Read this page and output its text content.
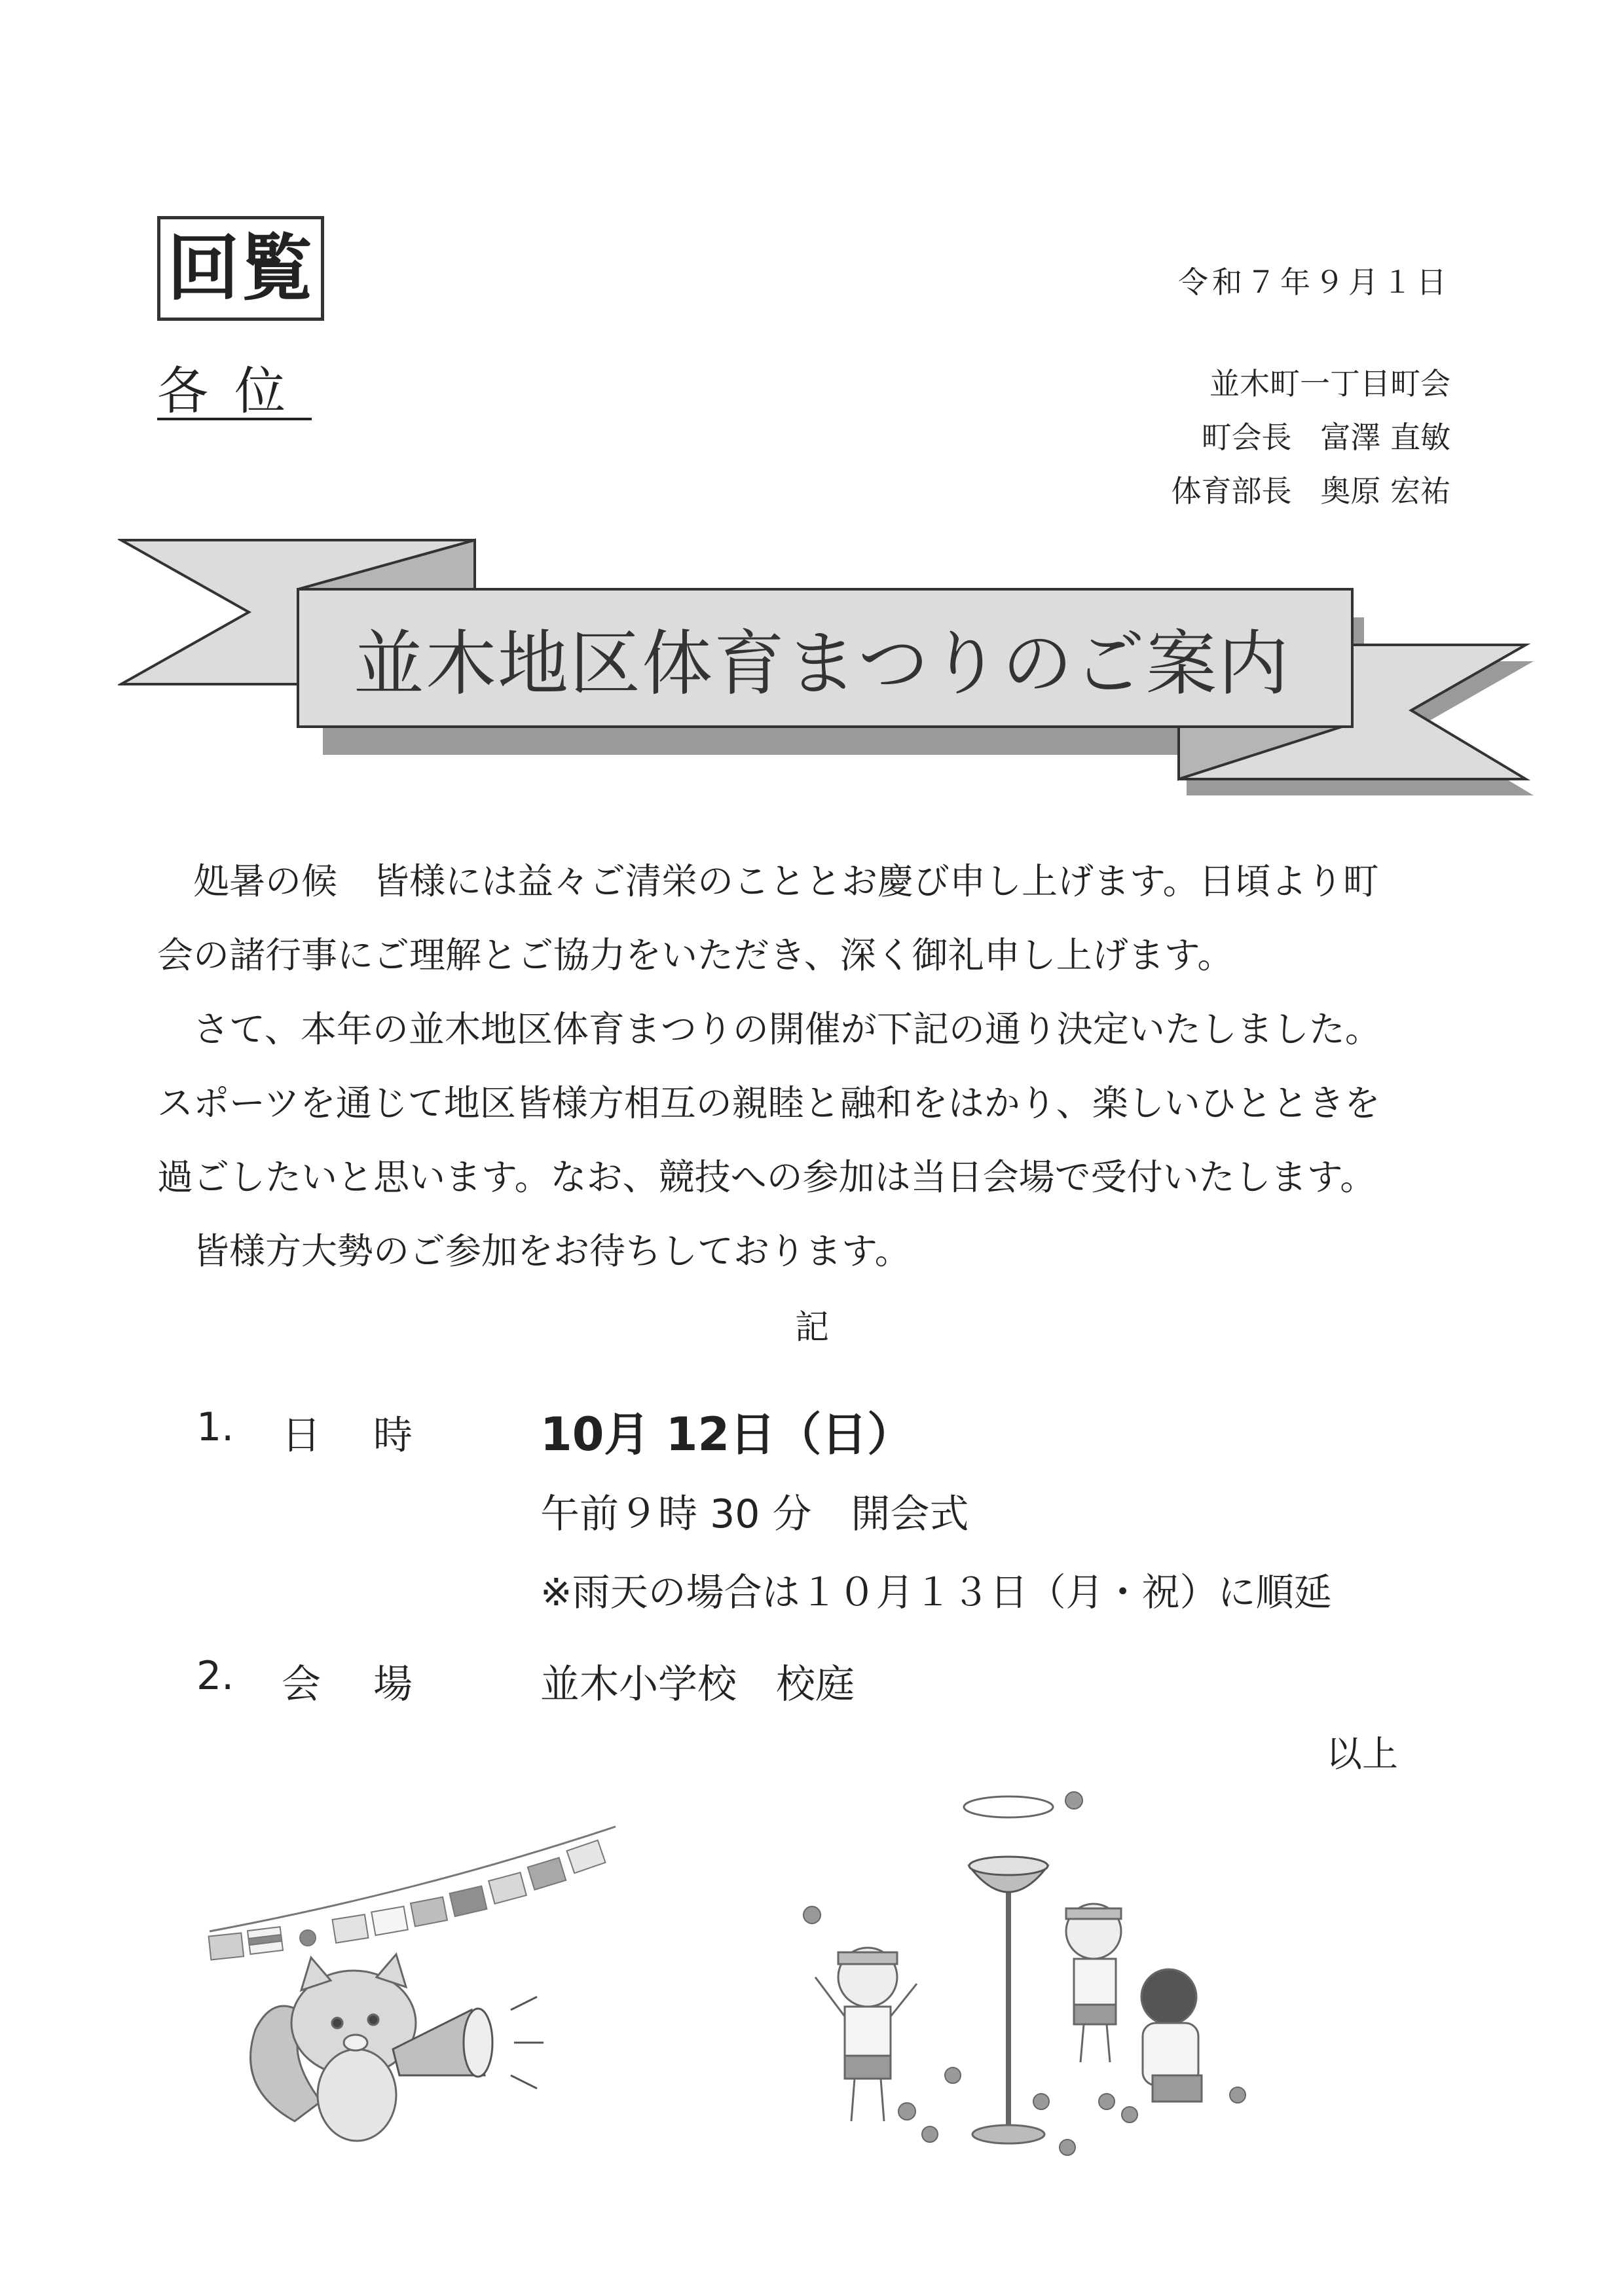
回覧
各位
令和７年９月１日
並木町一丁目町会
町会長 富澤 直敏
体育部長 奥原 宏祐
並木地区体育まつりのご案内

処暑の候　皆様には益々ご清栄のこととお慶び申し上げます。日頃より町

会の諸行事にご理解とご協力をいただき、深く御礼申し上げます。

さて、本年の並木地区体育まつりの開催が下記の通り決定いたしました。

スポーツを通じて地区皆様方相互の親睦と融和をはかり、楽しいひとときを

過ごしたいと思います。なお、競技への参加は当日会場で受付いたします。

皆様方大勢のご参加をお待ちしております。

記
1. 日時 10月 12日（日）
午前９時 30 分　開会式
※雨天の場合は１０月１３日（月・祝）に順延
2. 会場 並木小学校　校庭
以上
